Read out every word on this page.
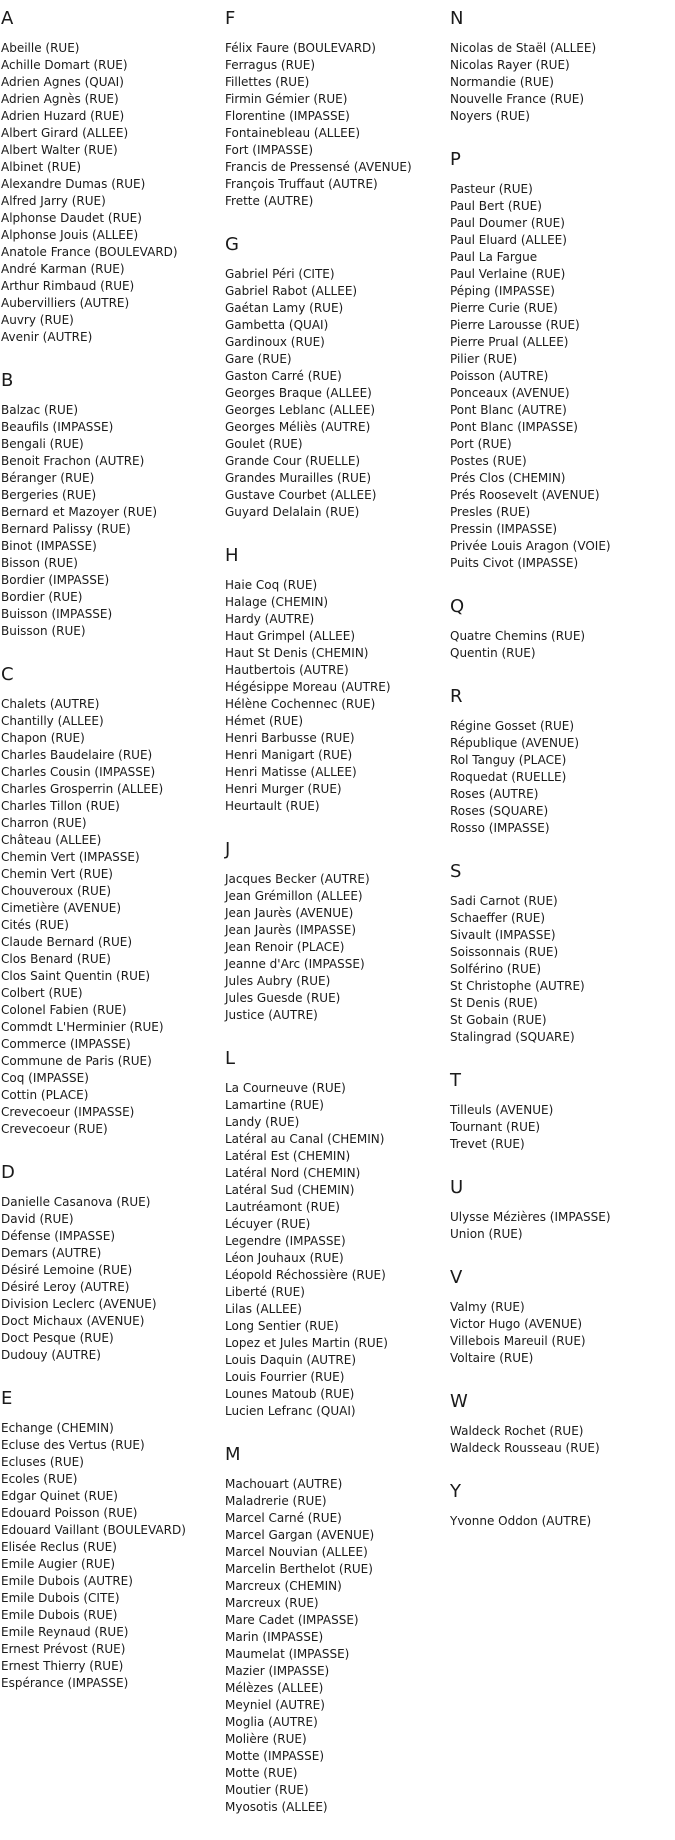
A
Abeille (RUE)
Achille Domart (RUE)
Adrien Agnes (QUAI)
Adrien Agnès (RUE)
Adrien Huzard (RUE)
Albert Girard (ALLEE)
Albert Walter (RUE)
Albinet (RUE)
Alexandre Dumas (RUE)
Alfred Jarry (RUE)
Alphonse Daudet (RUE)
Alphonse Jouis (ALLEE)
Anatole France (BOULEVARD)
André Karman (RUE)
Arthur Rimbaud (RUE)
Aubervilliers (AUTRE)
Auvry (RUE)
Avenir (AUTRE)
B
Balzac (RUE)
Beaufils (IMPASSE)
Bengali (RUE)
Benoit Frachon (AUTRE)
Béranger (RUE)
Bergeries (RUE)
Bernard et Mazoyer (RUE)
Bernard Palissy (RUE)
Binot (IMPASSE)
Bisson (RUE)
Bordier (IMPASSE)
Bordier (RUE)
Buisson (IMPASSE)
Buisson (RUE)
C
Chalets (AUTRE)
Chantilly (ALLEE)
Chapon (RUE)
Charles Baudelaire (RUE)
Charles Cousin (IMPASSE)
Charles Grosperrin (ALLEE)
Charles Tillon (RUE)
Charron (RUE)
Château (ALLEE)
Chemin Vert (IMPASSE)
Chemin Vert (RUE)
Chouveroux (RUE)
Cimetière (AVENUE)
Cités (RUE)
Claude Bernard (RUE)
Clos Benard (RUE)
Clos Saint Quentin (RUE)
Colbert (RUE)
Colonel Fabien (RUE)
Commdt L'Herminier (RUE)
Commerce (IMPASSE)
Commune de Paris (RUE)
Coq (IMPASSE)
Cottin (PLACE)
Crevecoeur (IMPASSE)
Crevecoeur (RUE)
D
Danielle Casanova (RUE)
David (RUE)
Défense (IMPASSE)
Demars (AUTRE)
Désiré Lemoine (RUE)
Désiré Leroy (AUTRE)
Division Leclerc (AVENUE)
Doct Michaux (AVENUE)
Doct Pesque (RUE)
Dudouy (AUTRE)
E
Echange (CHEMIN)
Ecluse des Vertus (RUE)
Ecluses (RUE)
Ecoles (RUE)
Edgar Quinet (RUE)
Edouard Poisson (RUE)
Edouard Vaillant (BOULEVARD)
Elisée Reclus (RUE)
Emile Augier (RUE)
Emile Dubois (AUTRE)
Emile Dubois (CITE)
Emile Dubois (RUE)
Emile Reynaud (RUE)
Ernest Prévost (RUE)
Ernest Thierry (RUE)
Espérance (IMPASSE)
F
Félix Faure (BOULEVARD)
Ferragus (RUE)
Fillettes (RUE)
Firmin Gémier (RUE)
Florentine (IMPASSE)
Fontainebleau (ALLEE)
Fort (IMPASSE)
Francis de Pressensé (AVENUE)
François Truffaut (AUTRE)
Frette (AUTRE)
G
Gabriel Péri (CITE)
Gabriel Rabot (ALLEE)
Gaétan Lamy (RUE)
Gambetta (QUAI)
Gardinoux (RUE)
Gare (RUE)
Gaston Carré (RUE)
Georges Braque (ALLEE)
Georges Leblanc (ALLEE)
Georges Méliès (AUTRE)
Goulet (RUE)
Grande Cour (RUELLE)
Grandes Murailles (RUE)
Gustave Courbet (ALLEE)
Guyard Delalain (RUE)
H
Haie Coq (RUE)
Halage (CHEMIN)
Hardy (AUTRE)
Haut Grimpel (ALLEE)
Haut St Denis (CHEMIN)
Hautbertois (AUTRE)
Hégésippe Moreau (AUTRE)
Hélène Cochennec (RUE)
Hémet (RUE)
Henri Barbusse (RUE)
Henri Manigart (RUE)
Henri Matisse (ALLEE)
Henri Murger (RUE)
Heurtault (RUE)
J
Jacques Becker (AUTRE)
Jean Grémillon (ALLEE)
Jean Jaurès (AVENUE)
Jean Jaurès (IMPASSE)
Jean Renoir (PLACE)
Jeanne d'Arc (IMPASSE)
Jules Aubry (RUE)
Jules Guesde (RUE)
Justice (AUTRE)
L
La Courneuve (RUE)
Lamartine (RUE)
Landy (RUE)
Latéral au Canal (CHEMIN)
Latéral Est (CHEMIN)
Latéral Nord (CHEMIN)
Latéral Sud (CHEMIN)
Lautréamont (RUE)
Lécuyer (RUE)
Legendre (IMPASSE)
Léon Jouhaux (RUE)
Léopold Réchossière (RUE)
Liberté (RUE)
Lilas (ALLEE)
Long Sentier (RUE)
Lopez et Jules Martin (RUE)
Louis Daquin (AUTRE)
Louis Fourrier (RUE)
Lounes Matoub (RUE)
Lucien Lefranc (QUAI)
M
Machouart (AUTRE)
Maladrerie (RUE)
Marcel Carné (RUE)
Marcel Gargan (AVENUE)
Marcel Nouvian (ALLEE)
Marcelin Berthelot (RUE)
Marcreux (CHEMIN)
Marcreux (RUE)
Mare Cadet (IMPASSE)
Marin (IMPASSE)
Maumelat (IMPASSE)
Mazier (IMPASSE)
Mélèzes (ALLEE)
Meyniel (AUTRE)
Moglia (AUTRE)
Molière (RUE)
Motte (IMPASSE)
Motte (RUE)
Moutier (RUE)
Myosotis (ALLEE)
N
Nicolas de Staël (ALLEE)
Nicolas Rayer (RUE)
Normandie (RUE)
Nouvelle France (RUE)
Noyers (RUE)
P
Pasteur (RUE)
Paul Bert (RUE)
Paul Doumer (RUE)
Paul Eluard (ALLEE)
Paul La Fargue
Paul Verlaine (RUE)
Péping (IMPASSE)
Pierre Curie (RUE)
Pierre Larousse (RUE)
Pierre Prual (ALLEE)
Pilier (RUE)
Poisson (AUTRE)
Ponceaux (AVENUE)
Pont Blanc (AUTRE)
Pont Blanc (IMPASSE)
Port (RUE)
Postes (RUE)
Prés Clos (CHEMIN)
Prés Roosevelt (AVENUE)
Presles (RUE)
Pressin (IMPASSE)
Privée Louis Aragon (VOIE)
Puits Civot (IMPASSE)
Q
Quatre Chemins (RUE)
Quentin (RUE)
R
Régine Gosset (RUE)
République (AVENUE)
Rol Tanguy (PLACE)
Roquedat (RUELLE)
Roses (AUTRE)
Roses (SQUARE)
Rosso (IMPASSE)
S
Sadi Carnot (RUE)
Schaeffer (RUE)
Sivault (IMPASSE)
Soissonnais (RUE)
Solférino (RUE)
St Christophe (AUTRE)
St Denis (RUE)
St Gobain (RUE)
Stalingrad (SQUARE)
T
Tilleuls (AVENUE)
Tournant (RUE)
Trevet (RUE)
U
Ulysse Mézières (IMPASSE)
Union (RUE)
V
Valmy (RUE)
Victor Hugo (AVENUE)
Villebois Mareuil (RUE)
Voltaire (RUE)
W
Waldeck Rochet (RUE)
Waldeck Rousseau (RUE)
Y
Yvonne Oddon (AUTRE)
